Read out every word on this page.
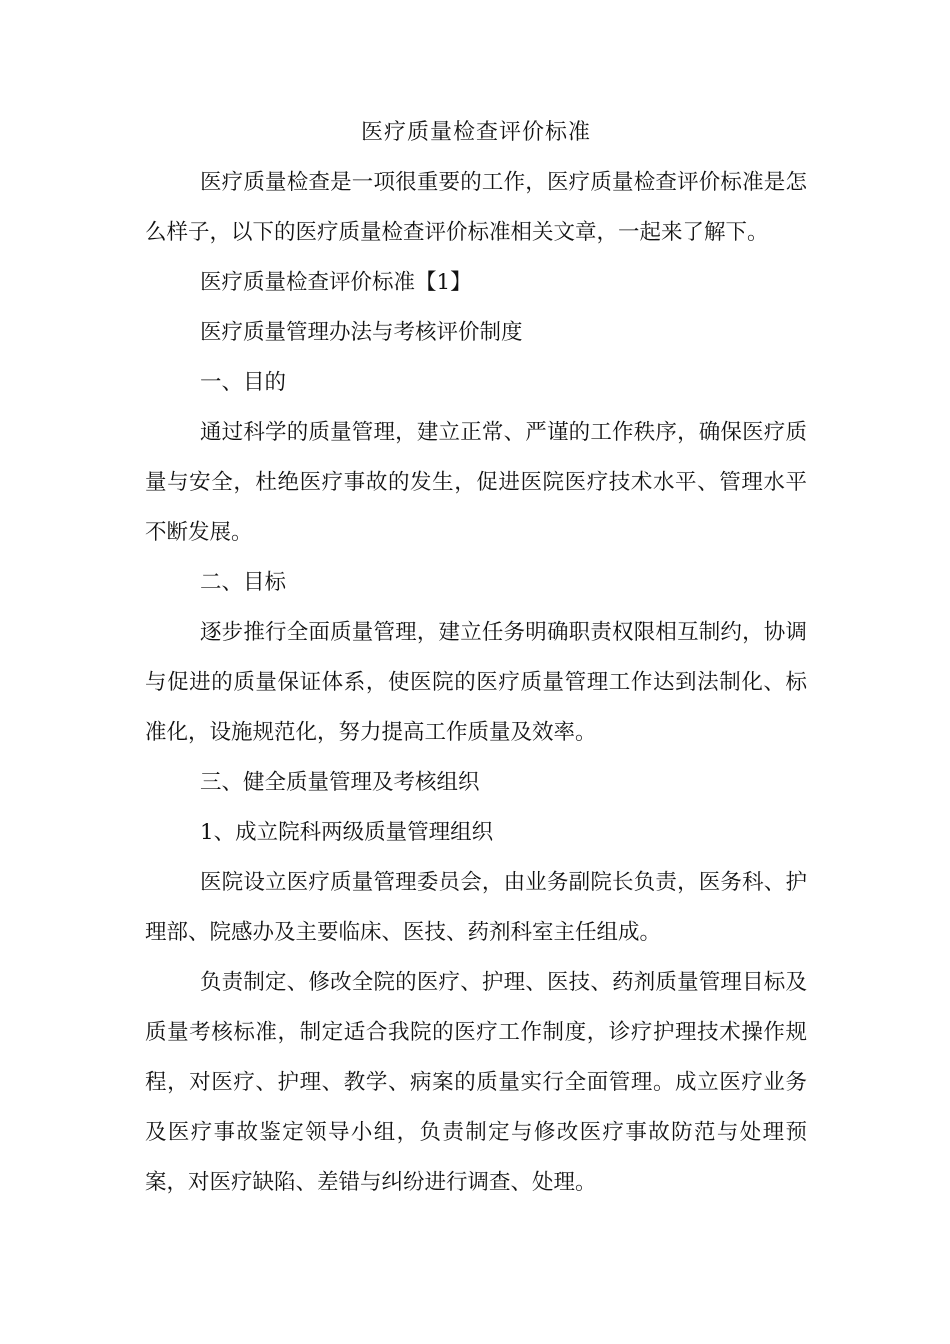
医疗质量检查评价标准

医疗质量检查是一项很重要的工作，医疗质量检查评价标准是怎么样子，以下的医疗质量检查评价标准相关文章，一起来了解下。

医疗质量检查评价标准【1】

医疗质量管理办法与考核评价制度

一、目的

通过科学的质量管理，建立正常、严谨的工作秩序，确保医疗质量与安全，杜绝医疗事故的发生，促进医院医疗技术水平、管理水平不断发展。

二、目标

逐步推行全面质量管理，建立任务明确职责权限相互制约，协调与促进的质量保证体系，使医院的医疗质量管理工作达到法制化、标准化，设施规范化，努力提高工作质量及效率。

三、健全质量管理及考核组织

1、成立院科两级质量管理组织

医院设立医疗质量管理委员会，由业务副院长负责，医务科、护理部、院感办及主要临床、医技、药剂科室主任组成。

负责制定、修改全院的医疗、护理、医技、药剂质量管理目标及质量考核标准，制定适合我院的医疗工作制度，诊疗护理技术操作规程，对医疗、护理、教学、病案的质量实行全面管理。成立医疗业务及医疗事故鉴定领导小组，负责制定与修改医疗事故防范与处理预案，对医疗缺陷、差错与纠纷进行调查、处理。
